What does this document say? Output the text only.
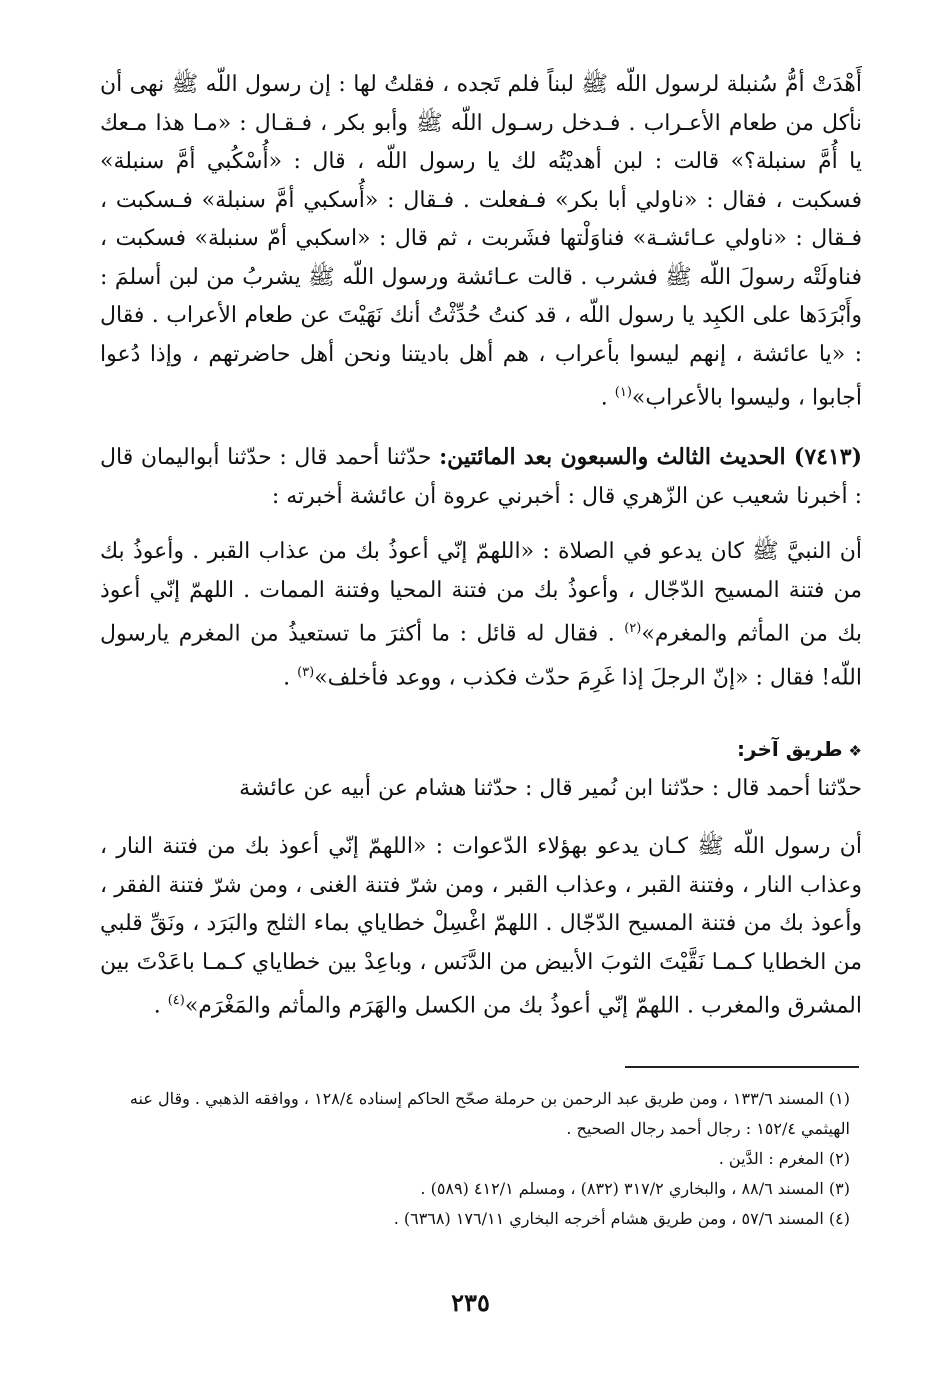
أَهْدَتْ أمُّ سُنبلة لرسول اللّه ﷺ لبناً فلم تَجده ، فقلتُ لها : إن رسول اللّه ﷺ نهى أن نأكل من طعام الأعـراب . فـدخل رسـول اللّه ﷺ وأبو بكر ، فـقـال : «مـا هذا مـعك يا أُمَّ سنبلة؟» قالت : لبن أهديْتُه لك يا رسول اللّه ، قال : «أُسْكُبي أمَّ سنبلة» فسكبت ، فقال : «ناولي أبا بكر» فـفعلت . فـقال : «أُسكبي أمَّ سنبلة» فـسكبت ، فـقال : «ناولي عـائشـة» فناوَلْتها فشَربت ، ثم قال : «اسكبي أمّ سنبلة» فسكبت ، فناولَتْه رسولَ اللّه ﷺ فشرب . قالت عـائشة ورسول اللّه ﷺ يشربُ من لبن أسلمَ : وأَبْرَدَها على الكبِد يا رسول اللّه ، قد كنتُ حُدِّثْتُ أنك نَهَيْتَ عن طعام الأعراب . فقال : «يا عائشة ، إنهم ليسوا بأعراب ، هم أهل باديتنا ونحن أهل حاضرتهم ، وإذا دُعوا أجابوا ، وليسوا بالأعراب»$^{(١)}$ .

(٧٤١٣) الحديث الثالث والسبعون بعد المائتين: حدّثنا أحمد قال : حدّثنا أبواليمان قال : أخبرنا شعيب عن الزّهري قال : أخبرني عروة أن عائشة أخبرته :

أن النبيَّ ﷺ كان يدعو في الصلاة : «اللهمّ إنّي أعوذُ بك من عذاب القبر . وأعوذُ بك من فتنة المسيح الدّجّال ، وأعوذُ بك من فتنة المحيا وفتنة الممات . اللهمّ إنّي أعوذ بك من المأثم والمغرم»$^{(٢)}$ . فقال له قائل : ما أكثرَ ما تستعيذُ من المغرم يارسول اللّه! فقال : «إنّ الرجلَ إذا غَرِمَ حدّث فكذب ، ووعد فأخلف»$^{(٣)}$ .

❖طريق آخر:

حدّثنا أحمد قال : حدّثنا ابن نُمير قال : حدّثنا هشام عن أبيه عن عائشة

أن رسول اللّه ﷺ كـان يدعو بهؤلاء الدّعوات : «اللهمّ إنّي أعوذ بك من فتنة النار ، وعذاب النار ، وفتنة القبر ، وعذاب القبر ، ومن شرّ فتنة الغنى ، ومن شرّ فتنة الفقر ، وأعوذ بك من فتنة المسيح الدّجّال . اللهمّ اغْسِلْ خطاياي بماء الثلج والبَرَد ، ونَقِّ قلبي من الخطايا كـمـا نَقَّيْتَ الثوبَ الأبيض من الدَّنَس ، وباعِدْ بين خطاياي كـمـا باعَدْتَ بين المشرق والمغرب . اللهمّ إنّي أعوذُ بك من الكسل والهَرَم والمأثم والمَغْرَم»$^{(٤)}$ .

(١) المسند ١٣٣/٦ ، ومن طريق عبد الرحمن بن حرملة صحّح الحاكم إسناده ١٢٨/٤ ، ووافقه الذهبي . وقال عنه الهيثمي ١٥٢/٤ : رجال أحمد رجال الصحيح .

(٢) المغرم : الدَّين .

(٣) المسند ٨٨/٦ ، والبخاري ٣١٧/٢ (٨٣٢) ، ومسلم ٤١٢/١ (٥٨٩) .

(٤) المسند ٥٧/٦ ، ومن طريق هشام أخرجه البخاري ١٧٦/١١ (٦٣٦٨) .

٢٣٥
